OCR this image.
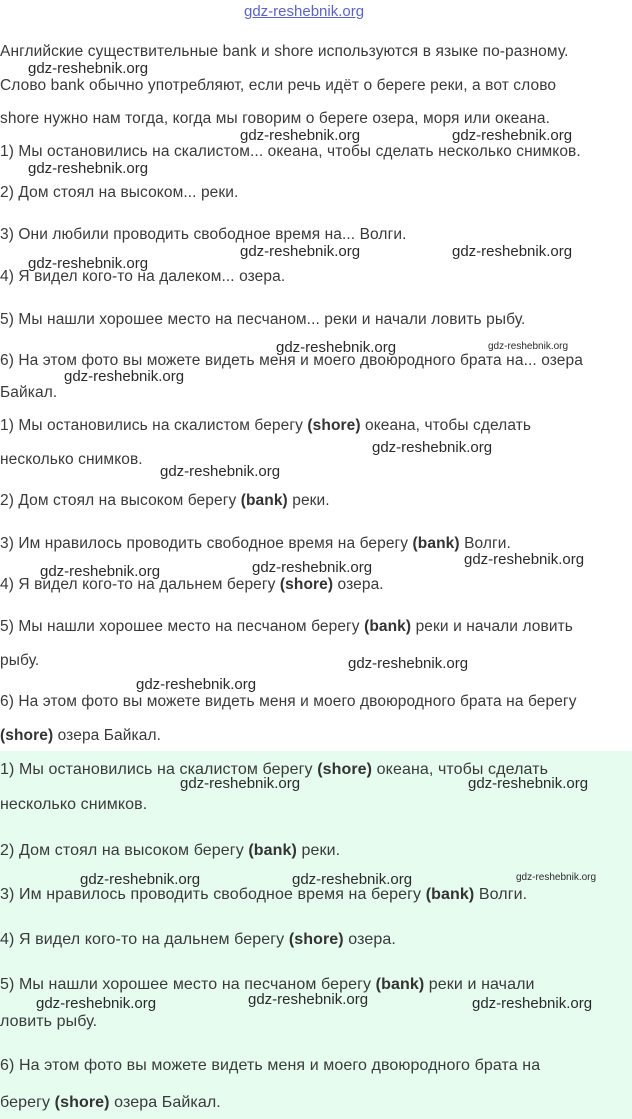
gdz-reshebnik.org
Английские существительные bank и shore используются в языке по-разному.
Слово bank обычно употребляют, если речь идёт о береге реки, а вот слово
shore нужно нам тогда, когда мы говорим о береге озера, моря или океана.
1) Мы остановились на скалистом... океана, чтобы сделать несколько снимков.
2) Дом стоял на высоком... реки.
3) Они любили проводить свободное время на... Волги.
4) Я видел кого-то на далеком... озера.
5) Мы нашли хорошее место на песчаном... реки и начали ловить рыбу.
6) На этом фото вы можете видеть меня и моего двоюродного брата на... озера
Байкал.
1) Мы остановились на скалистом берегу (shore) океана, чтобы сделать
несколько снимков.
2) Дом стоял на высоком берегу (bank) реки.
3) Им нравилось проводить свободное время на берегу (bank) Волги.
4) Я видел кого-то на дальнем берегу (shore) озера.
5) Мы нашли хорошее место на песчаном берегу (bank) реки и начали ловить
рыбу.
6) На этом фото вы можете видеть меня и моего двоюродного брата на берегу
(shore) озера Байкал.
1) Мы остановились на скалистом берегу (shore) океана, чтобы сделать
несколько снимков.
2) Дом стоял на высоком берегу (bank) реки.
3) Им нравилось проводить свободное время на берегу (bank) Волги.
4) Я видел кого-то на дальнем берегу (shore) озера.
5) Мы нашли хорошее место на песчаном берегу (bank) реки и начали
ловить рыбу.
6) На этом фото вы можете видеть меня и моего двоюродного брата на
берегу (shore) озера Байкал.
gdz-reshebnik.org
gdz-reshebnik.org	gdz-reshebnik.org
gdz-reshebnik.org
gdz-reshebnik.org	gdz-reshebnik.org
gdz-reshebnik.org
gdz-reshebnik.org	gdz-reshebnik.org
gdz-reshebnik.org
gdz-reshebnik.org
gdz-reshebnik.org
gdz-reshebnik.org
gdz-reshebnik.org	gdz-reshebnik.org
gdz-reshebnik.org
gdz-reshebnik.org
gdz-reshebnik.org	gdz-reshebnik.org
gdz-reshebnik.org
gdz-reshebnik.org	gdz-reshebnik.org
gdz-reshebnik.org	gdz-reshebnik.org	gdz-reshebnik.org
